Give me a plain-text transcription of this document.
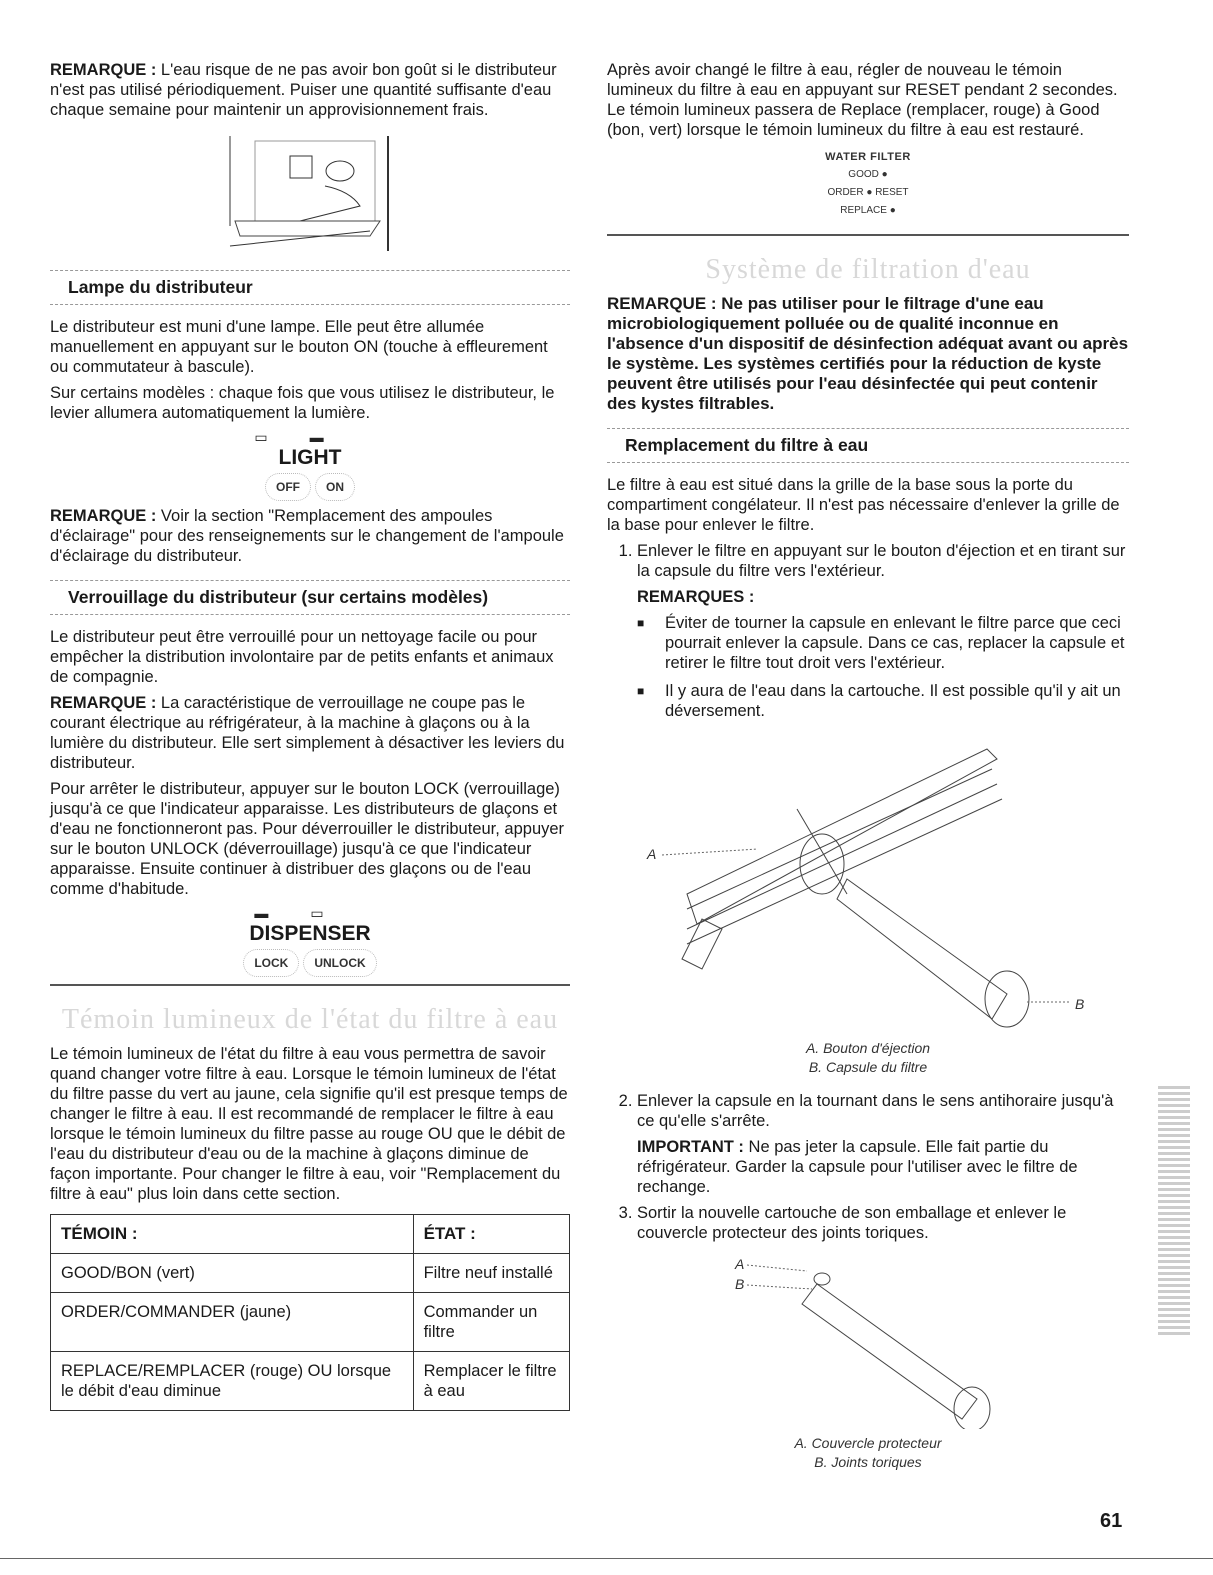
REMARQUE : L'eau risque de ne pas avoir bon goût si le distributeur n'est pas utilisé périodiquement. Puiser une quantité suffisante d'eau chaque semaine pour maintenir un approvisionnement frais.

Lampe du distributeur

Le distributeur est muni d'une lampe. Elle peut être allumée manuellement en appuyant sur le bouton ON (touche à effleurement ou commutateur à bascule).

Sur certains modèles : chaque fois que vous utilisez le distributeur, le levier allumera automatiquement la lumière.

▭▬
LIGHT
OFF ON

REMARQUE : Voir la section "Remplacement des ampoules d'éclairage" pour des renseignements sur le changement de l'ampoule d'éclairage du distributeur.

Verrouillage du distributeur (sur certains modèles)

Le distributeur peut être verrouillé pour un nettoyage facile ou pour empêcher la distribution involontaire par de petits enfants et animaux de compagnie.

REMARQUE : La caractéristique de verrouillage ne coupe pas le courant électrique au réfrigérateur, à la machine à glaçons ou à la lumière du distributeur. Elle sert simplement à désactiver les leviers du distributeur.

Pour arrêter le distributeur, appuyer sur le bouton LOCK (verrouillage) jusqu'à ce que l'indicateur apparaisse. Les distributeurs de glaçons et d'eau ne fonctionneront pas. Pour déverrouiller le distributeur, appuyer sur le bouton UNLOCK (déverrouillage) jusqu'à ce que l'indicateur apparaisse. Ensuite continuer à distribuer des glaçons ou de l'eau comme d'habitude.

▬▭
DISPENSER
LOCK UNLOCK
Témoin lumineux de l'état du filtre à eau

Le témoin lumineux de l'état du filtre à eau vous permettra de savoir quand changer votre filtre à eau. Lorsque le témoin lumineux de l'état du filtre passe du vert au jaune, cela signifie qu'il est presque temps de changer le filtre à eau. Il est recommandé de remplacer le filtre à eau lorsque le témoin lumineux du filtre passe au rouge OU que le débit de l'eau du distributeur d'eau ou de la machine à glaçons diminue de façon importante. Pour changer le filtre à eau, voir "Remplacement du filtre à eau" plus loin dans cette section.

TÉMOIN :	ÉTAT :
GOOD/BON (vert)	Filtre neuf installé
ORDER/COMMANDER (jaune)	Commander un filtre
REPLACE/REMPLACER (rouge) OU lorsque le débit d'eau diminue	Remplacer le filtre à eau

Après avoir changé le filtre à eau, régler de nouveau le témoin lumineux du filtre à eau en appuyant sur RESET pendant 2 secondes. Le témoin lumineux passera de Replace (remplacer, rouge) à Good (bon, vert) lorsque le témoin lumineux du filtre à eau est restauré.

WATER FILTER
GOOD ●
ORDER ● RESET
REPLACE ●
Système de filtration d'eau

REMARQUE : Ne pas utiliser pour le filtrage d'une eau microbiologiquement polluée ou de qualité inconnue en l'absence d'un dispositif de désinfection adéquat avant ou après le système. Les systèmes certifiés pour la réduction de kyste peuvent être utilisés pour l'eau désinfectée qui peut contenir des kystes filtrables.

Remplacement du filtre à eau

Le filtre à eau est situé dans la grille de la base sous la porte du compartiment congélateur. Il n'est pas nécessaire d'enlever la grille de la base pour enlever le filtre.

1. Enlever le filtre en appuyant sur le bouton d'éjection et en tirant sur la capsule du filtre vers l'extérieur.
REMARQUES :
■ Éviter de tourner la capsule en enlevant le filtre parce que ceci pourrait enlever la capsule. Dans ce cas, replacer la capsule et retirer le filtre tout droit vers l'extérieur.
■ Il y aura de l'eau dans la cartouche. Il est possible qu'il y ait un déversement.
A
B
A. Bouton d'éjection
B. Capsule du filtre
2. Enlever la capsule en la tournant dans le sens antihoraire jusqu'à ce qu'elle s'arrête.
IMPORTANT : Ne pas jeter la capsule. Elle fait partie du réfrigérateur. Garder la capsule pour l'utiliser avec le filtre de rechange.
3. Sortir la nouvelle cartouche de son emballage et enlever le couvercle protecteur des joints toriques.
A
B
A. Couvercle protecteur
B. Joints toriques
61
